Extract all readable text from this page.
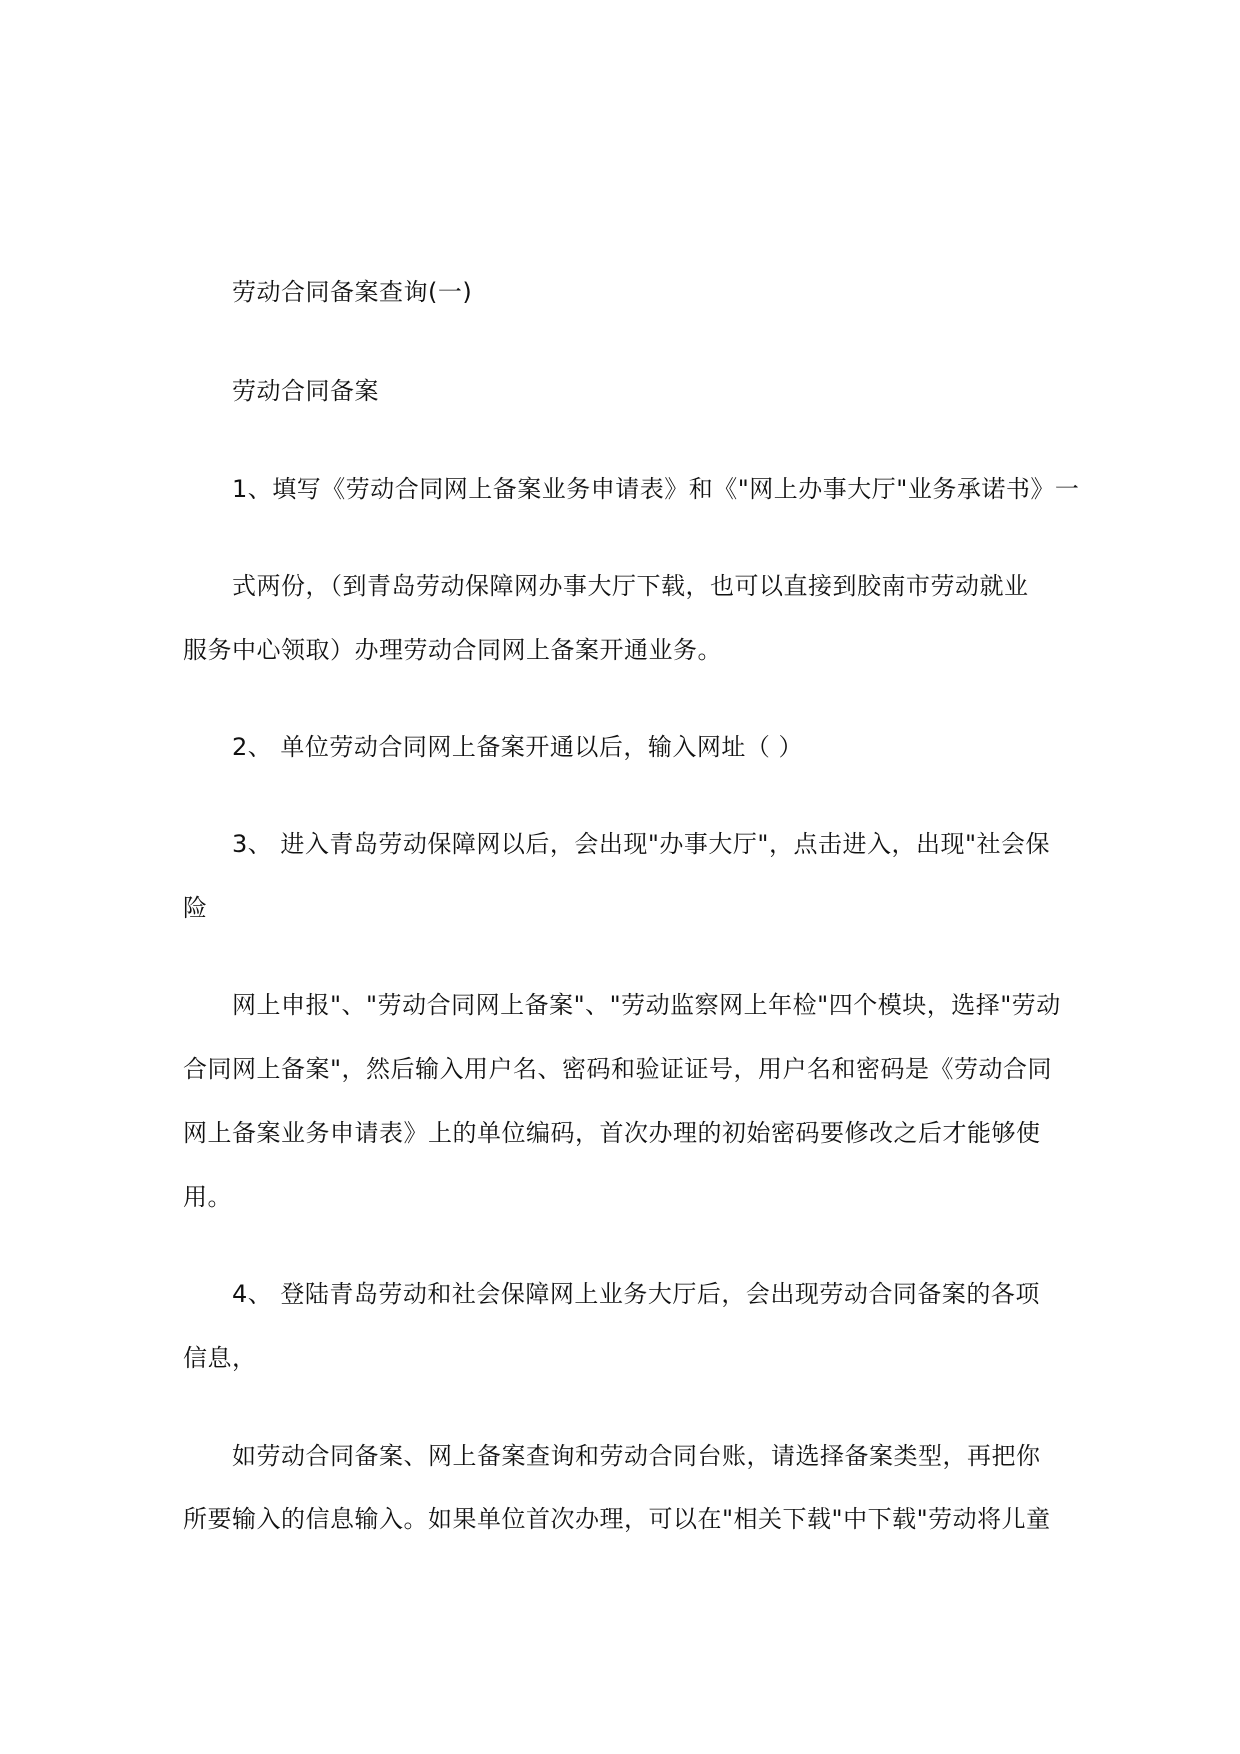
劳动合同备案查询(一)
劳动合同备案
1、填写《劳动合同网上备案业务申请表》和《"网上办事大厅"业务承诺书》一
式两份，（到青岛劳动保障网办事大厅下载，也可以直接到胶南市劳动就业
服务中心领取）办理劳动合同网上备案开通业务。
2、 单位劳动合同网上备案开通以后，输入网址（ ）
3、 进入青岛劳动保障网以后，会出现"办事大厅"，点击进入，出现"社会保
险
网上申报"、"劳动合同网上备案"、"劳动监察网上年检"四个模块，选择"劳动
合同网上备案"，然后输入用户名、密码和验证证号，用户名和密码是《劳动合同
网上备案业务申请表》上的单位编码，首次办理的初始密码要修改之后才能够使
用。
4、 登陆青岛劳动和社会保障网上业务大厅后，会出现劳动合同备案的各项
信息，
如劳动合同备案、网上备案查询和劳动合同台账，请选择备案类型，再把你
所要输入的信息输入。如果单位首次办理，可以在"相关下载"中下载"劳动将儿童
